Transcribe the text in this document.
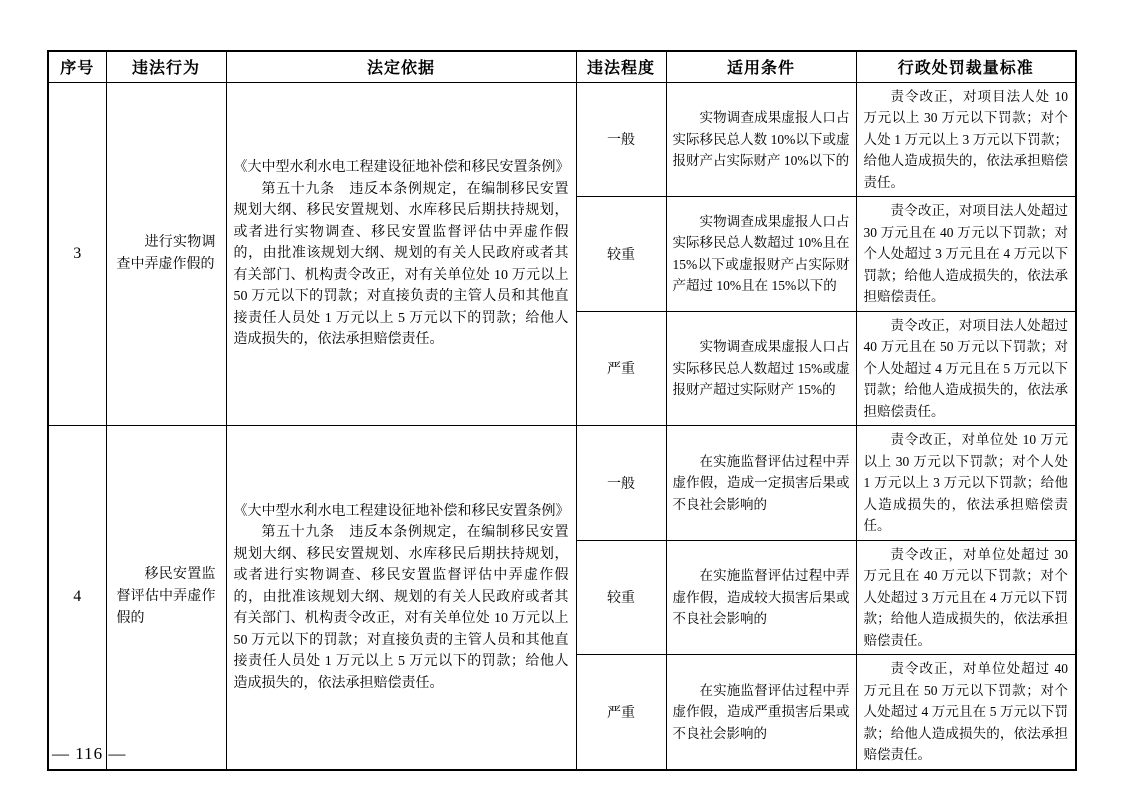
序号	违法行为	法定依据	违法程度	适用条件	行政处罚裁量标准
3	进行实物调查中弄虚作假的	《大中型水利水电工程建设征地补偿和移民安置条例》
第五十九条　违反本条例规定，在编制移民安置规划大纲、移民安置规划、水库移民后期扶持规划，或者进行实物调查、移民安置监督评估中弄虚作假的，由批准该规划大纲、规划的有关人民政府或者其有关部门、机构责令改正，对有关单位处 10 万元以上 50 万元以下的罚款；对直接负责的主管人员和其他直接责任人员处 1 万元以上 5 万元以下的罚款；给他人造成损失的，依法承担赔偿责任。	一般	实物调查成果虚报人口占实际移民总人数 10%以下或虚报财产占实际财产 10%以下的	责令改正，对项目法人处 10 万元以上 30 万元以下罚款；对个人处 1 万元以上 3 万元以下罚款；给他人造成损失的，依法承担赔偿责任。

			较重	实物调查成果虚报人口占实际移民总人数超过 10%且在 15%以下或虚报财产占实际财产超过 10%且在 15%以下的	责令改正，对项目法人处超过 30 万元且在 40 万元以下罚款；对个人处超过 3 万元且在 4 万元以下罚款；给他人造成损失的，依法承担赔偿责任。

			严重	实物调查成果虚报人口占实际移民总人数超过 15%或虚报财产超过实际财产 15%的	责令改正，对项目法人处超过 40 万元且在 50 万元以下罚款；对个人处超过 4 万元且在 5 万元以下罚款；给他人造成损失的，依法承担赔偿责任。

4	移民安置监督评估中弄虚作假的	《大中型水利水电工程建设征地补偿和移民安置条例》
第五十九条　违反本条例规定，在编制移民安置规划大纲、移民安置规划、水库移民后期扶持规划，或者进行实物调查、移民安置监督评估中弄虚作假的，由批准该规划大纲、规划的有关人民政府或者其有关部门、机构责令改正，对有关单位处 10 万元以上 50 万元以下的罚款；对直接负责的主管人员和其他直接责任人员处 1 万元以上 5 万元以下的罚款；给他人造成损失的，依法承担赔偿责任。	一般	在实施监督评估过程中弄虚作假，造成一定损害后果或不良社会影响的	责令改正，对单位处 10 万元以上 30 万元以下罚款；对个人处 1 万元以上 3 万元以下罚款；给他人造成损失的，依法承担赔偿责任。

			较重	在实施监督评估过程中弄虚作假，造成较大损害后果或不良社会影响的	责令改正，对单位处超过 30 万元且在 40 万元以下罚款；对个人处超过 3 万元且在 4 万元以下罚款；给他人造成损失的，依法承担赔偿责任。

			严重	在实施监督评估过程中弄虚作假，造成严重损害后果或不良社会影响的	责令改正，对单位处超过 40 万元且在 50 万元以下罚款；对个人处超过 4 万元且在 5 万元以下罚款；给他人造成损失的，依法承担赔偿责任。
— 116 —
